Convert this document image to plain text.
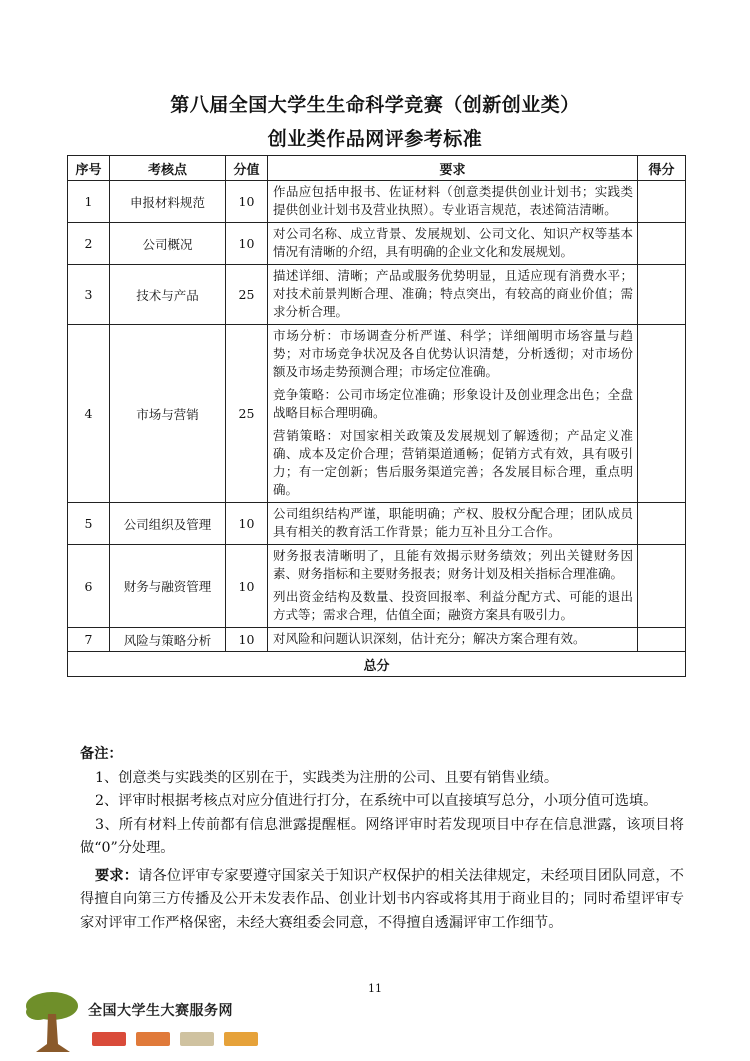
第八届全国大学生生命科学竞赛（创新创业类）
创业类作品网评参考标准
序号	考核点	分值	要求	得分
1	申报材料规范	10	作品应包括申报书、佐证材料（创意类提供创业计划书；实践类提供创业计划书及营业执照）。专业语言规范，表述简洁清晰。	

2	公司概况	10	对公司名称、成立背景、发展规划、公司文化、知识产权等基本情况有清晰的介绍，具有明确的企业文化和发展规划。	

3	技术与产品	25	描述详细、清晰；产品或服务优势明显，且适应现有消费水平；对技术前景判断合理、准确；特点突出，有较高的商业价值；需求分析合理。	

4	市场与营销	25	市场分析：市场调查分析严谨、科学；详细阐明市场容量与趋势；对市场竞争状况及各自优势认识清楚，分析透彻；对市场份额及市场走势预测合理；市场定位准确。

竞争策略：公司市场定位准确；形象设计及创业理念出色；全盘战略目标合理明确。

营销策略：对国家相关政策及发展规划了解透彻；产品定义准确、成本及定价合理；营销渠道通畅；促销方式有效，具有吸引力；有一定创新；售后服务渠道完善；各发展目标合理，重点明确。	

5	公司组织及管理	10	公司组织结构严谨，职能明确；产权、股权分配合理；团队成员具有相关的教育活工作背景；能力互补且分工合作。	

6	财务与融资管理	10	财务报表清晰明了，且能有效揭示财务绩效；列出关键财务因素、财务指标和主要财务报表；财务计划及相关指标合理准确。

列出资金结构及数量、投资回报率、利益分配方式、可能的退出方式等；需求合理，估值全面；融资方案具有吸引力。	

7	风险与策略分析	10	对风险和问题认识深刻，估计充分；解决方案合理有效。	

总分				

备注：

1、创意类与实践类的区别在于，实践类为注册的公司、且要有销售业绩。

2、评审时根据考核点对应分值进行打分，在系统中可以直接填写总分，小项分值可选填。

3、所有材料上传前都有信息泄露提醒框。网络评审时若发现项目中存在信息泄露，该项目将做“0”分处理。

要求：请各位评审专家要遵守国家关于知识产权保护的相关法律规定，未经项目团队同意，不得擅自向第三方传播及公开未发表作品、创业计划书内容或将其用于商业目的；同时希望评审专家对评审工作严格保密，未经大赛组委会同意，不得擅自透漏评审工作细节。

11
全国大学生大赛服务网
